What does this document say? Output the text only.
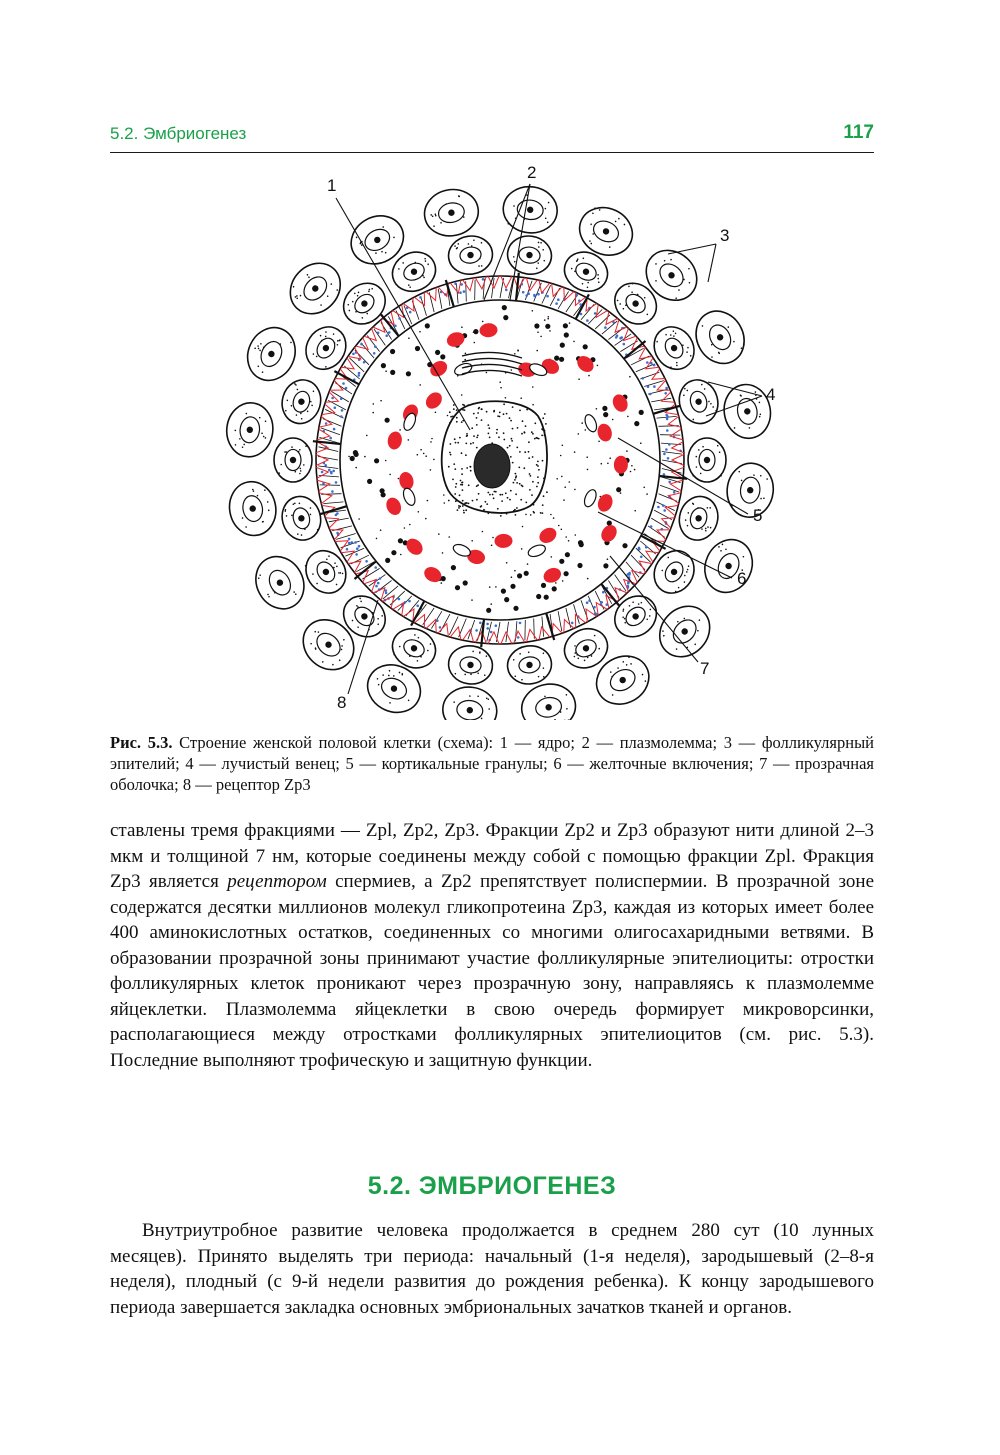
5.2. Эмбриогенез	117
1
2
3
4
5
6
7
8
Рис. 5.3. Строение женской половой клетки (схема): 1 — ядро; 2 — плазмолемма; 3 — фолликулярный эпителий; 4 — лучистый венец; 5 — кортикальные гранулы; 6 — желточные включения; 7 — прозрачная оболочка; 8 — рецептор Zp3

ставлены тремя фракциями — Zpl, Zp2, Zp3. Фракции Zp2 и Zp3 образуют нити длиной 2–3 мкм и толщиной 7 нм, которые соединены между собой с помощью фракции Zpl. Фракция Zp3 является рецептором спермиев, а Zp2 препятствует полиспермии. В прозрачной зоне содержатся десятки миллионов молекул гликопротеина Zp3, каждая из которых имеет более 400 аминокислотных остатков, соединенных со многими олигосахаридными ветвями. В образовании прозрачной зоны принимают участие фолликулярные эпителиоциты: отростки фолликулярных клеток проникают через прозрачную зону, направляясь к плазмолемме яйцеклетки. Плазмолемма яйцеклетки в свою очередь формирует микроворсинки, располагающиеся между отростками фолликулярных эпителиоцитов (см. рис. 5.3). Последние выполняют трофическую и защитную функции.

5.2. ЭМБРИОГЕНЕЗ

Внутриутробное развитие человека продолжается в среднем 280 сут (10 лунных месяцев). Принято выделять три периода: начальный (1-я неделя), зародышевый (2–8-я неделя), плодный (с 9-й недели развития до рождения ребенка). К концу зародышевого периода завершается закладка основных эмбриональных зачатков тканей и органов.
